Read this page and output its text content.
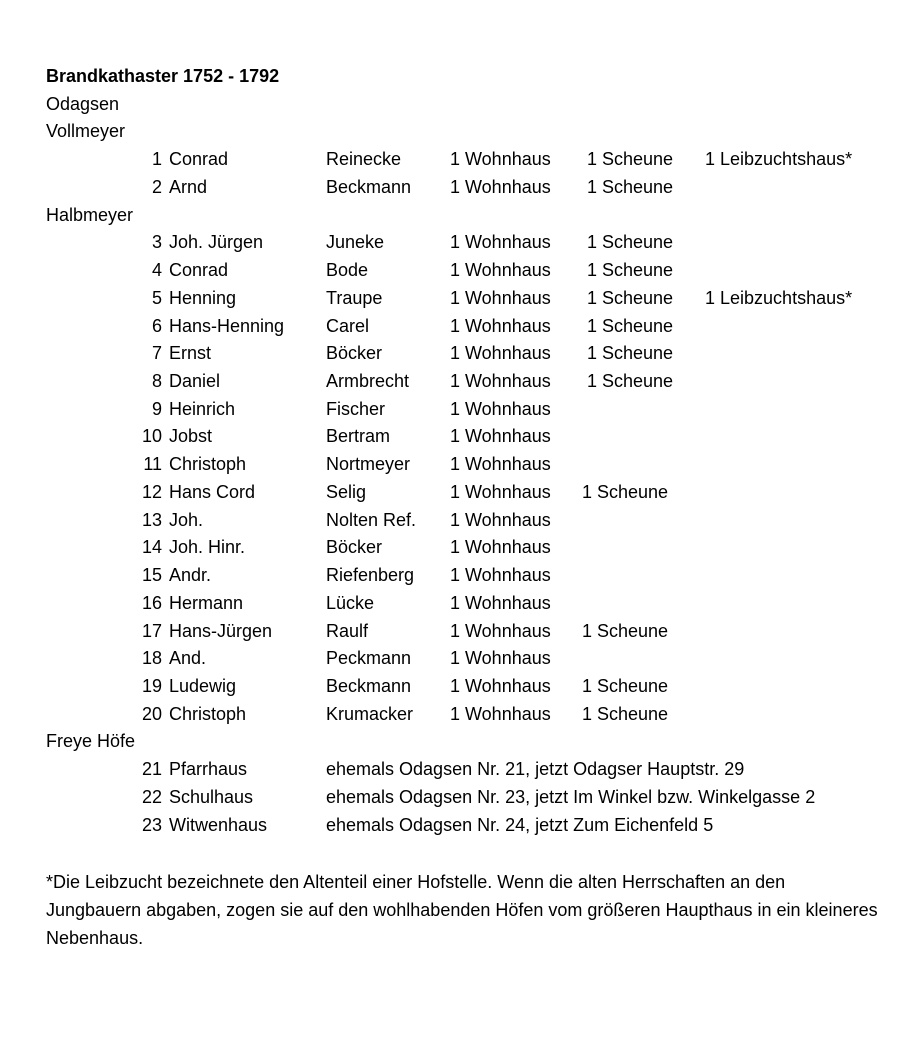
Brandkathaster 1752 - 1792
Odagsen
Vollmeyer
1 Conrad	Reinecke	1 Wohnhaus 1 Scheune 1 Leibzuchtshaus*
2 Arnd	Beckmann 1 Wohnhaus 1 Scheune
Halbmeyer
3 Joh. Jürgen	Juneke	1 Wohnhaus 1 Scheune
4 Conrad	Bode	1 Wohnhaus 1 Scheune
5 Henning	Traupe	1 Wohnhaus 1 Scheune 1 Leibzuchtshaus*
6 Hans-Henning Carel	1 Wohnhaus 1 Scheune
7 Ernst	Böcker	1 Wohnhaus 1 Scheune
8 Daniel	Armbrecht 1 Wohnhaus 1 Scheune
9 Heinrich	Fischer	1 Wohnhaus
10 Jobst	Bertram	1 Wohnhaus
11 Christoph	Nortmeyer 1 Wohnhaus
12 Hans Cord	Selig	1 Wohnhaus 1 Scheune
13 Joh.	Nolten Ref. 1 Wohnhaus
14 Joh. Hinr.	Böcker	1 Wohnhaus
15 Andr.	Riefenberg 1 Wohnhaus
16 Hermann	Lücke	1 Wohnhaus
17 Hans-Jürgen	Raulf	1 Wohnhaus 1 Scheune
18 And.	Peckmann 1 Wohnhaus
19 Ludewig	Beckmann 1 Wohnhaus 1 Scheune
20 Christoph	Krumacker 1 Wohnhaus 1 Scheune
Freye Höfe
21 Pfarrhaus	ehemals Odagsen Nr. 21, jetzt Odagser Hauptstr. 29
22 Schulhaus	ehemals Odagsen Nr. 23, jetzt Im Winkel bzw. Winkelgasse 2
23 Witwenhaus	ehemals Odagsen Nr. 24, jetzt Zum Eichenfeld 5
*Die Leibzucht bezeichnete den Altenteil einer Hofstelle. Wenn die alten Herrschaften an den
Jungbauern abgaben, zogen sie auf den wohlhabenden Höfen vom größeren Haupthaus in ein kleineres
Nebenhaus.
